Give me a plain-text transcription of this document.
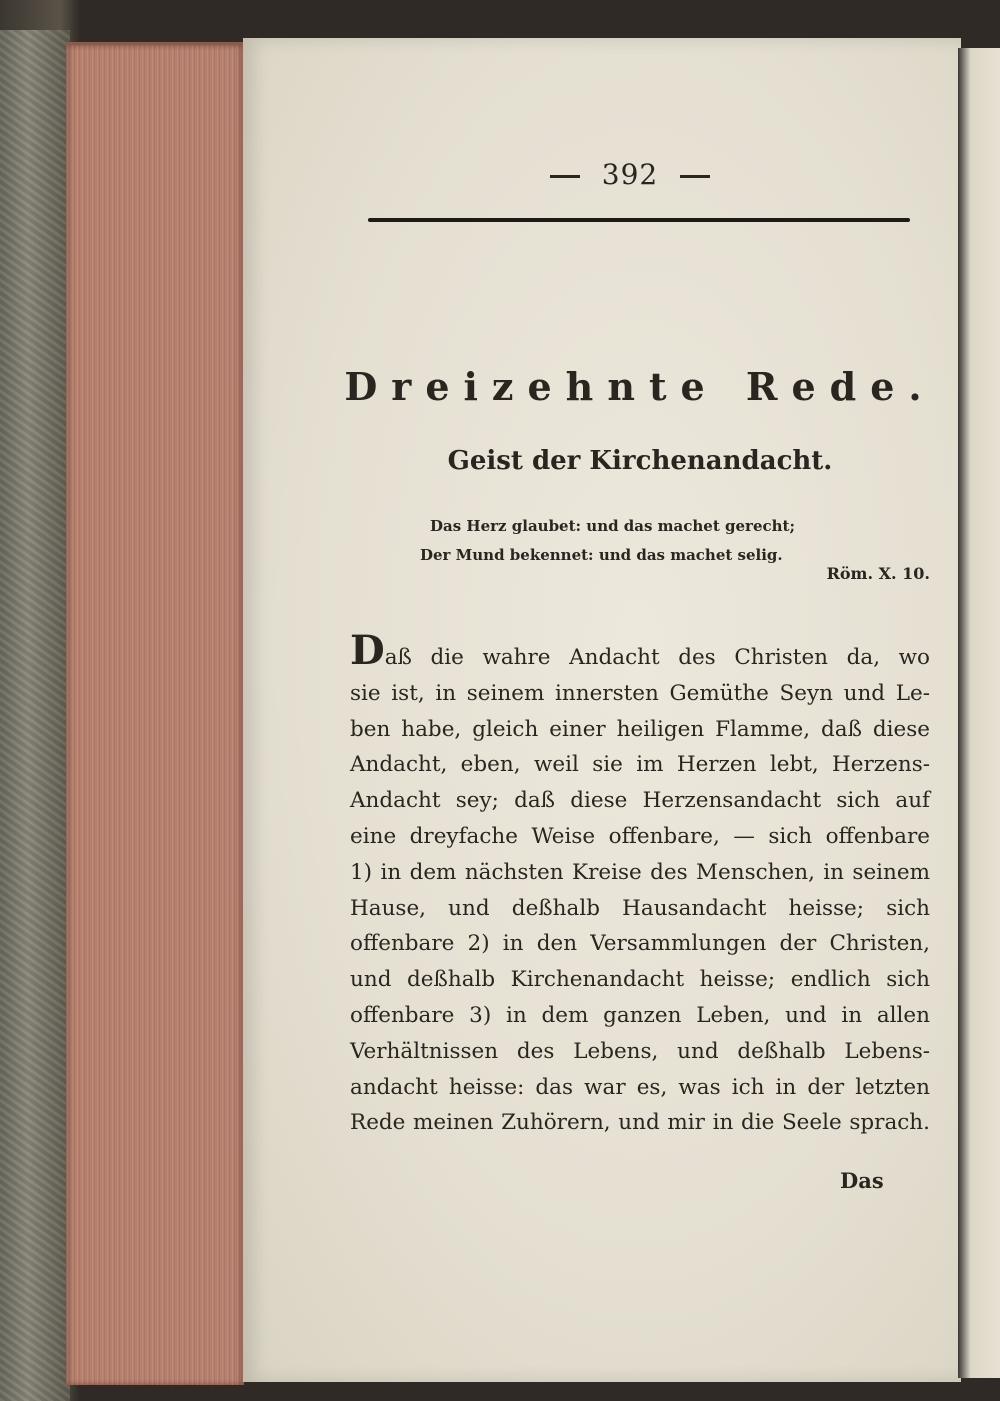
392
Dreizehnte Rede.
Geist der Kirchenandacht.
Das Herz glaubet: und das machet gerecht;
Der Mund bekennet: und das machet selig.
Röm. X. 10.
Daß die wahre Andacht des Christen da, wo
sie ist, in seinem innersten Gemüthe Seyn und Le-
ben habe, gleich einer heiligen Flamme, daß diese
Andacht, eben, weil sie im Herzen lebt, Herzens-
Andacht sey; daß diese Herzensandacht sich auf
eine dreyfache Weise offenbare, — sich offenbare
1) in dem nächsten Kreise des Menschen, in seinem
Hause, und deßhalb Hausandacht heisse; sich
offenbare 2) in den Versammlungen der Christen,
und deßhalb Kirchenandacht heisse; endlich sich
offenbare 3) in dem ganzen Leben, und in allen
Verhältnissen des Lebens, und deßhalb Lebens-
andacht heisse: das war es, was ich in der letzten
Rede meinen Zuhörern, und mir in die Seele sprach.
Das
